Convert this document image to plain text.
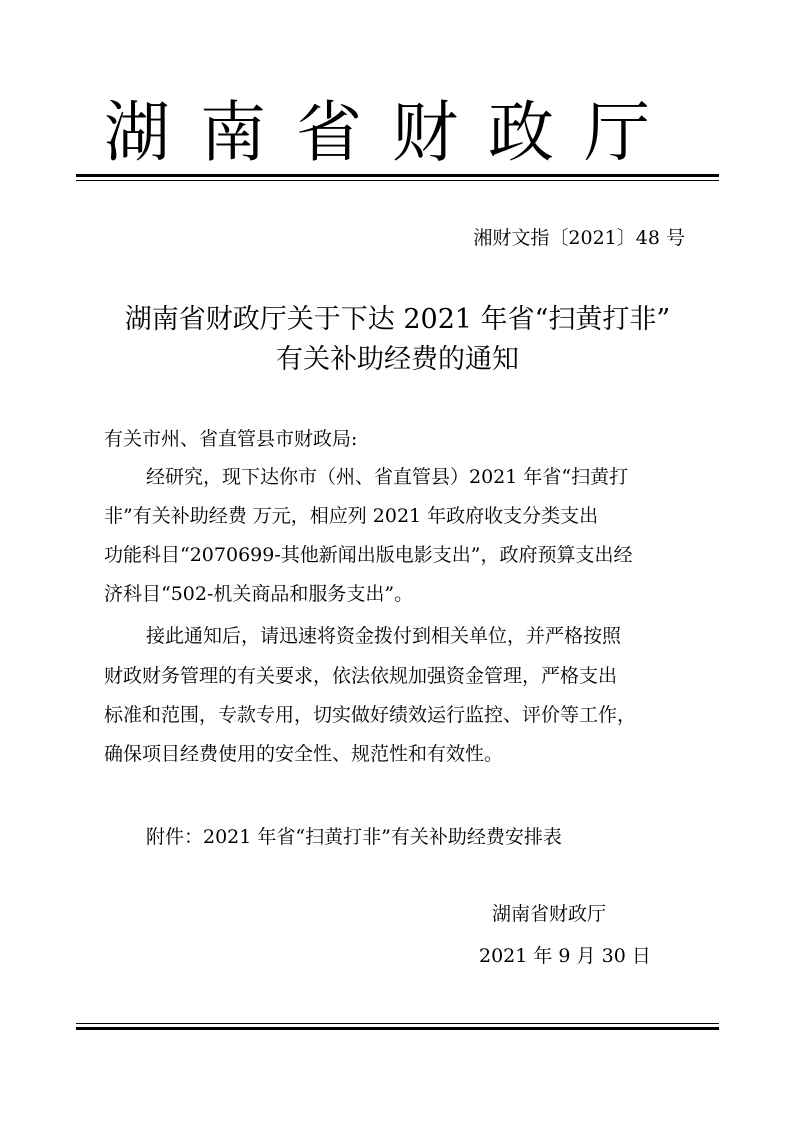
湖南省财政厅
湘财文指〔2021〕48 号
湖南省财政厅关于下达 2021 年省“扫黄打非”
有关补助经费的通知
有关市州、省直管县市财政局:
经研究，现下达你市（州、省直管县）2021 年省“扫黄打
非”有关补助经费 万元，相应列 2021 年政府收支分类支出
功能科目“2070699-其他新闻出版电影支出”，政府预算支出经
济科目“502-机关商品和服务支出”。
接此通知后，请迅速将资金拨付到相关单位，并严格按照
财政财务管理的有关要求，依法依规加强资金管理，严格支出
标准和范围，专款专用，切实做好绩效运行监控、评价等工作，
确保项目经费使用的安全性、规范性和有效性。
附件：2021 年省“扫黄打非”有关补助经费安排表
湖南省财政厅
2021 年 9 月 30 日
